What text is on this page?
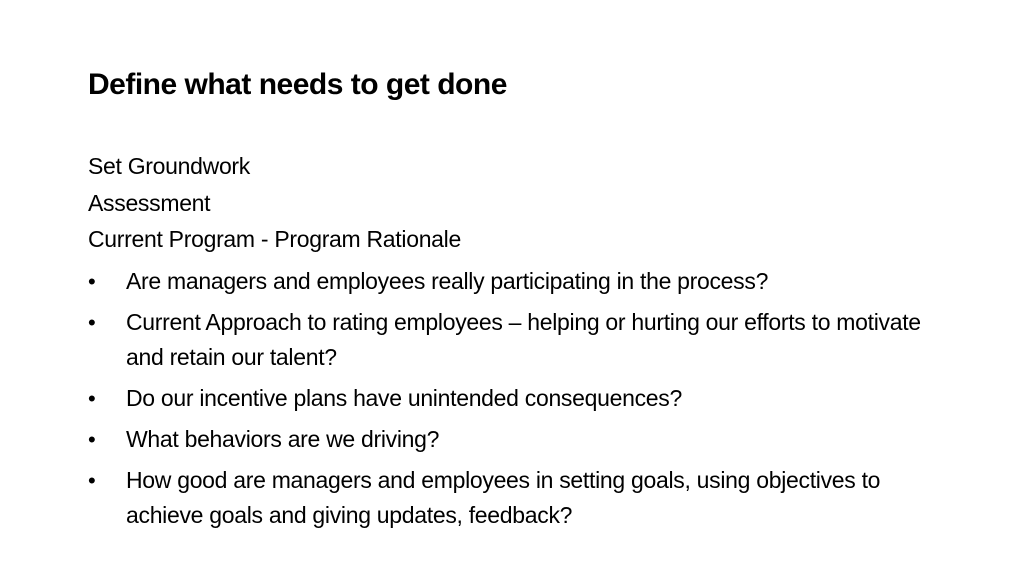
Define what needs to get done
Set Groundwork
Assessment
Current Program - Program Rationale
•	Are managers and employees really participating in the process?
•	Current Approach to rating employees – helping or hurting our efforts to motivate and retain our talent?
•	Do our incentive plans have unintended consequences?
•	What behaviors are we driving?
•	How good are managers and employees in setting goals, using objectives to achieve goals and giving updates, feedback?
